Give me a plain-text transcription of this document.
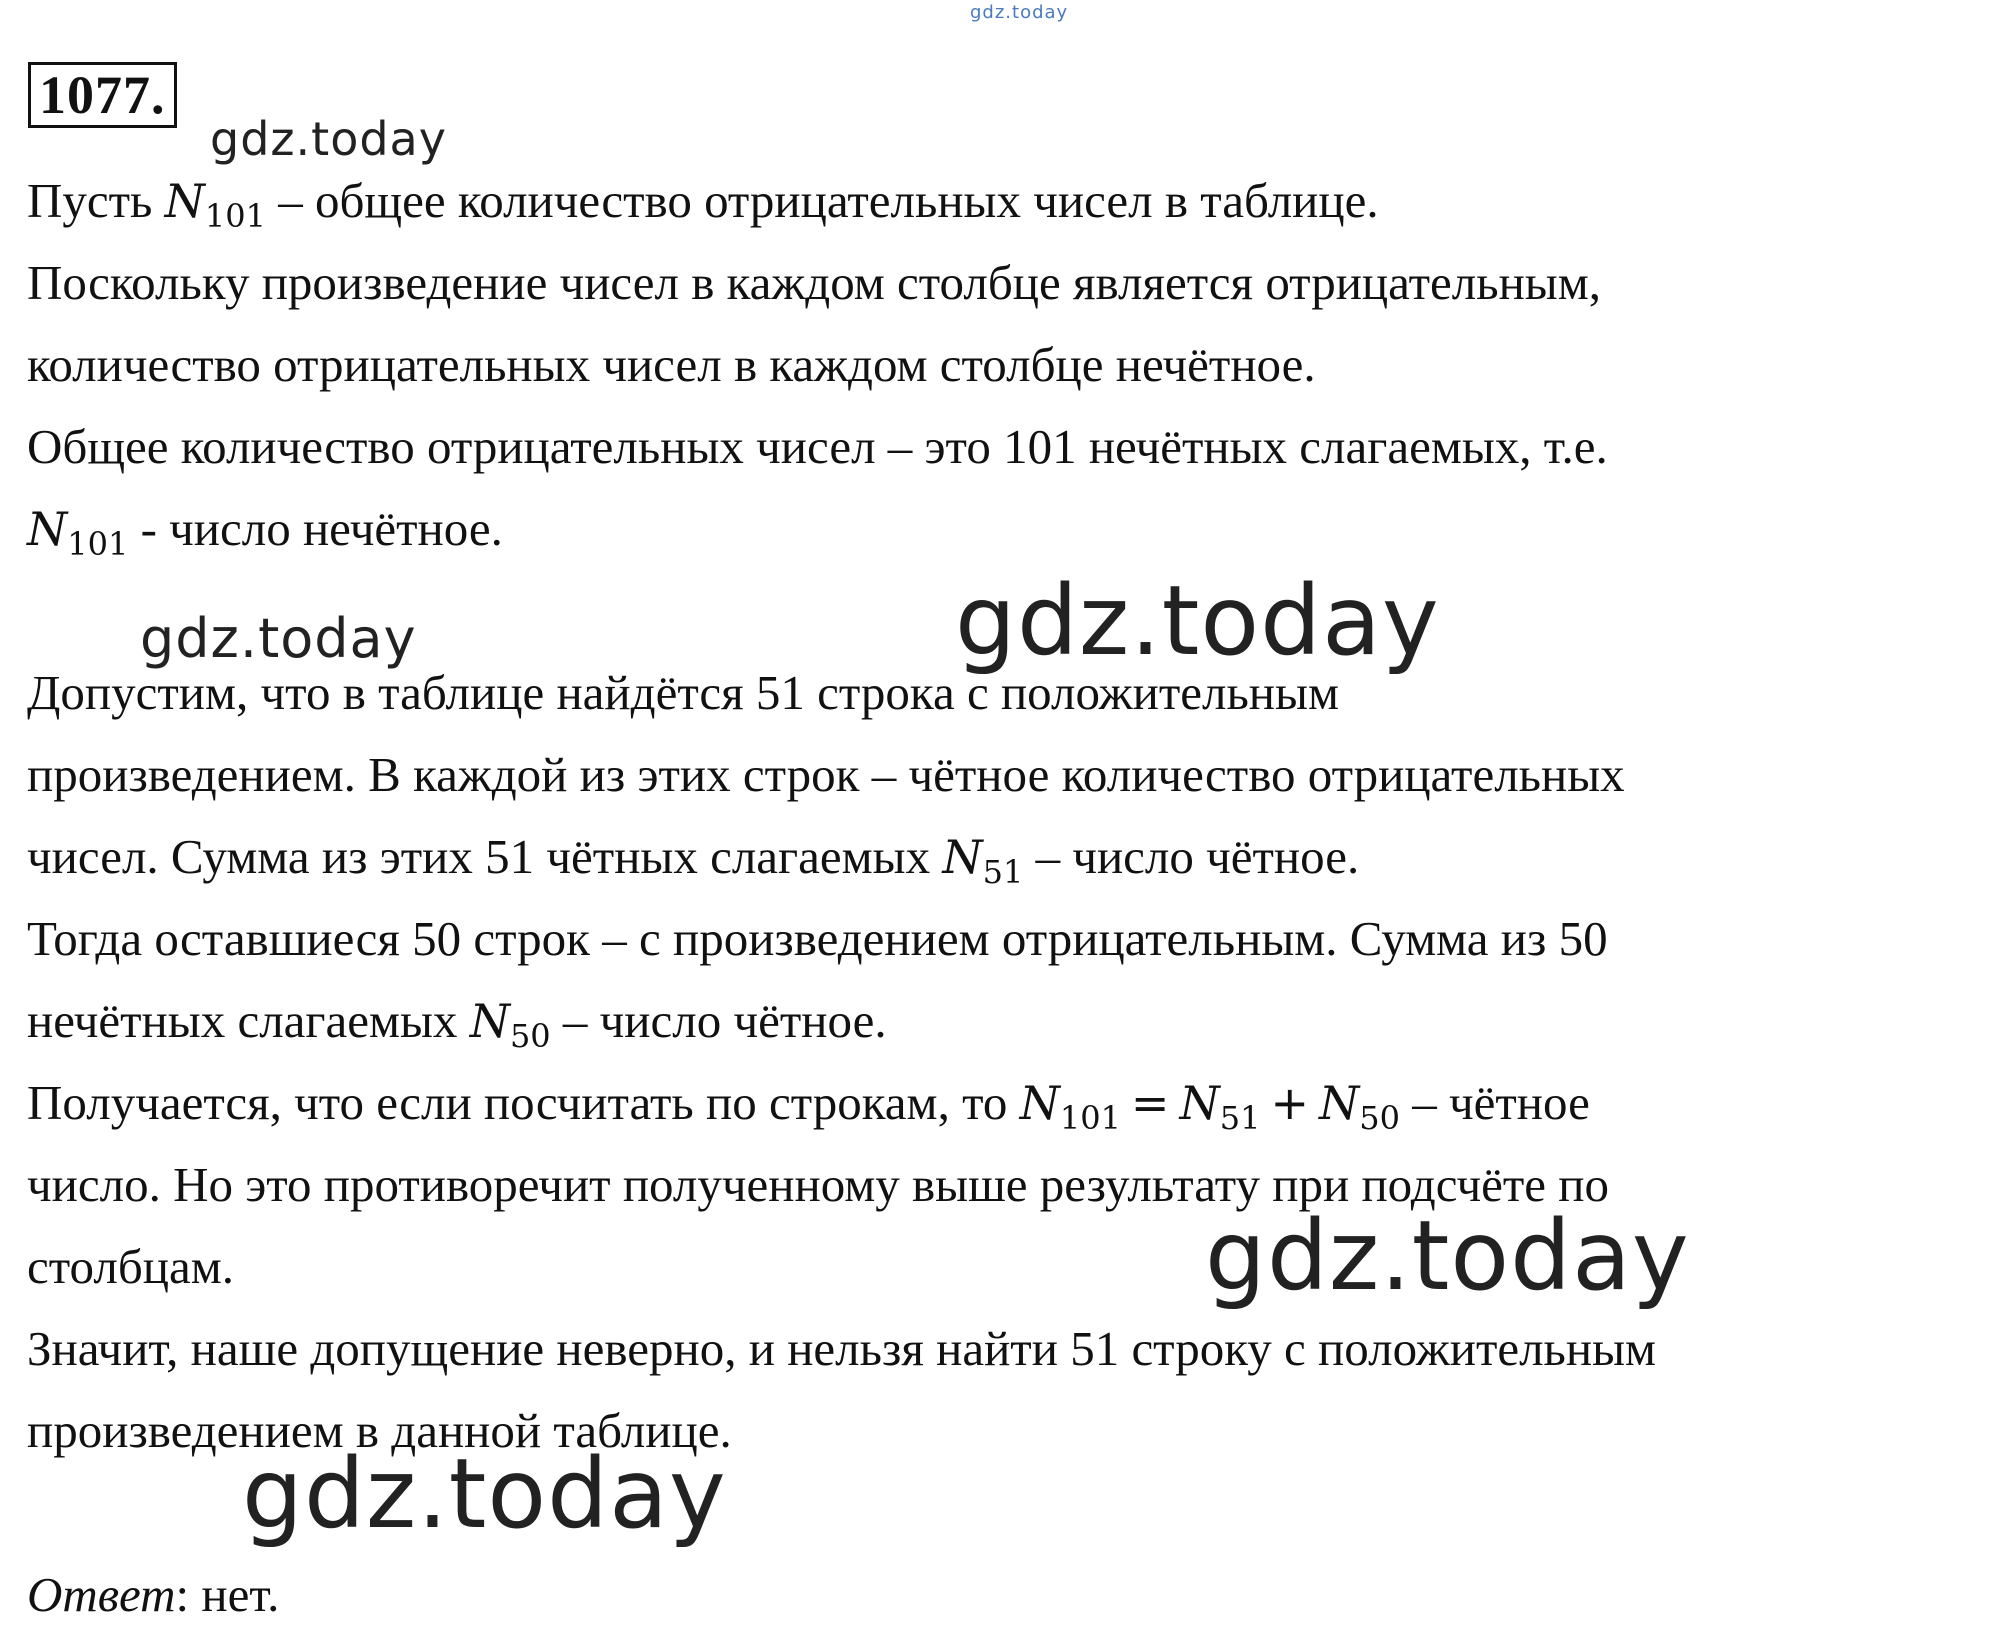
gdz.today
1077.
gdz.today
gdz.today
Пусть $N_{101}$ – общее количество отрицательных чисел в таблице.
Поскольку произведение чисел в каждом столбце является отрицательным,
количество отрицательных чисел в каждом столбце нечётное.
Общее количество отрицательных чисел – это 101 нечётных слагаемых, т.е.
$N_{101}$ - число нечётное.
Допустим, что в таблице найдётся 51 строка с положительным
произведением. В каждой из этих строк – чётное количество отрицательных
чисел. Сумма из этих 51 чётных слагаемых $N_{51}$ – число чётное.
Тогда оставшиеся 50 строк – с произведением отрицательным. Сумма из 50
нечётных слагаемых $N_{50}$ – число чётное.
Получается, что если посчитать по строкам, то $N_{101} = N_{51} + N_{50}$ – чётное
число. Но это противоречит полученному выше результату при подсчёте по
столбцам.
Значит, наше допущение неверно, и нельзя найти 51 строку с положительным
произведением в данной таблице.
Ответ: нет.
gdz.today
gdz.today
gdz.today
